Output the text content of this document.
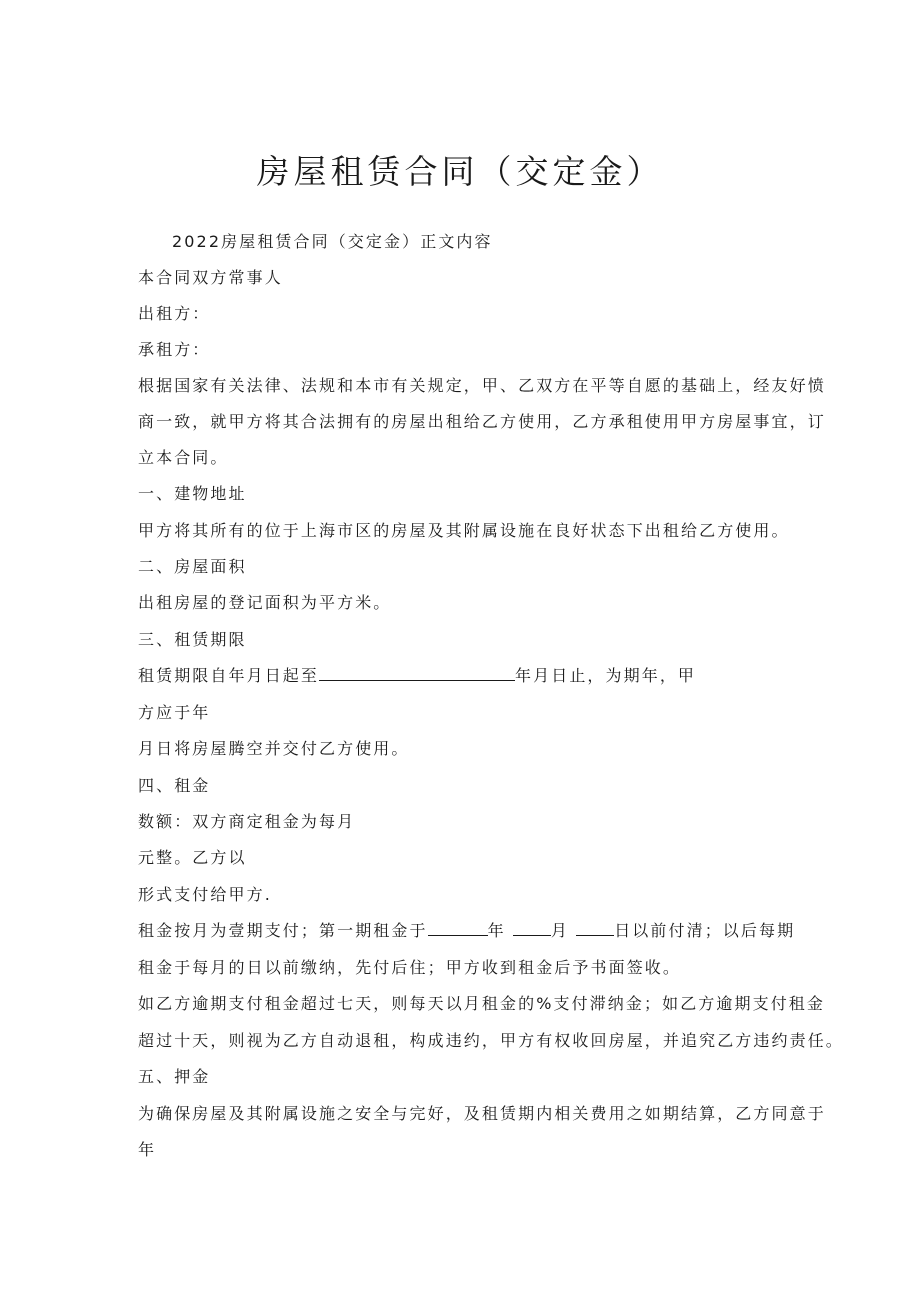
房屋租赁合同（交定金）
2022房屋租赁合同（交定金）正文内容
本合同双方常事人
出租方：
承租方：
根据国家有关法律、法规和本市有关规定，甲、乙双方在平等自愿的基础上，经友好愤
商一致，就甲方将其合法拥有的房屋出租给乙方使用，乙方承租使用甲方房屋事宜，订
立本合同。
一、建物地址
甲方将其所有的位于上海市区的房屋及其附属设施在良好状态下出租给乙方使用。
二、房屋面积
出租房屋的登记面积为平方米。
三、租赁期限
租赁期限自年月日起至	年月日止，为期年，甲
方应于年
月日将房屋腾空并交付乙方使用。
四、租金
数额：双方商定租金为每月
元整。乙方以
形式支付给甲方.
租金按月为壹期支付；第一期租金于	年	月	日以前付清；以后每期
租金于每月的日以前缴纳，先付后住；甲方收到租金后予书面签收。
如乙方逾期支付租金超过七天，则每天以月租金的%支付滞纳金；如乙方逾期支付租金
超过十天，则视为乙方自动退租，构成违约，甲方有权收回房屋，并追究乙方违约责任。
五、押金
为确保房屋及其附属设施之安全与完好，及租赁期内相关费用之如期结算，乙方同意于
年
